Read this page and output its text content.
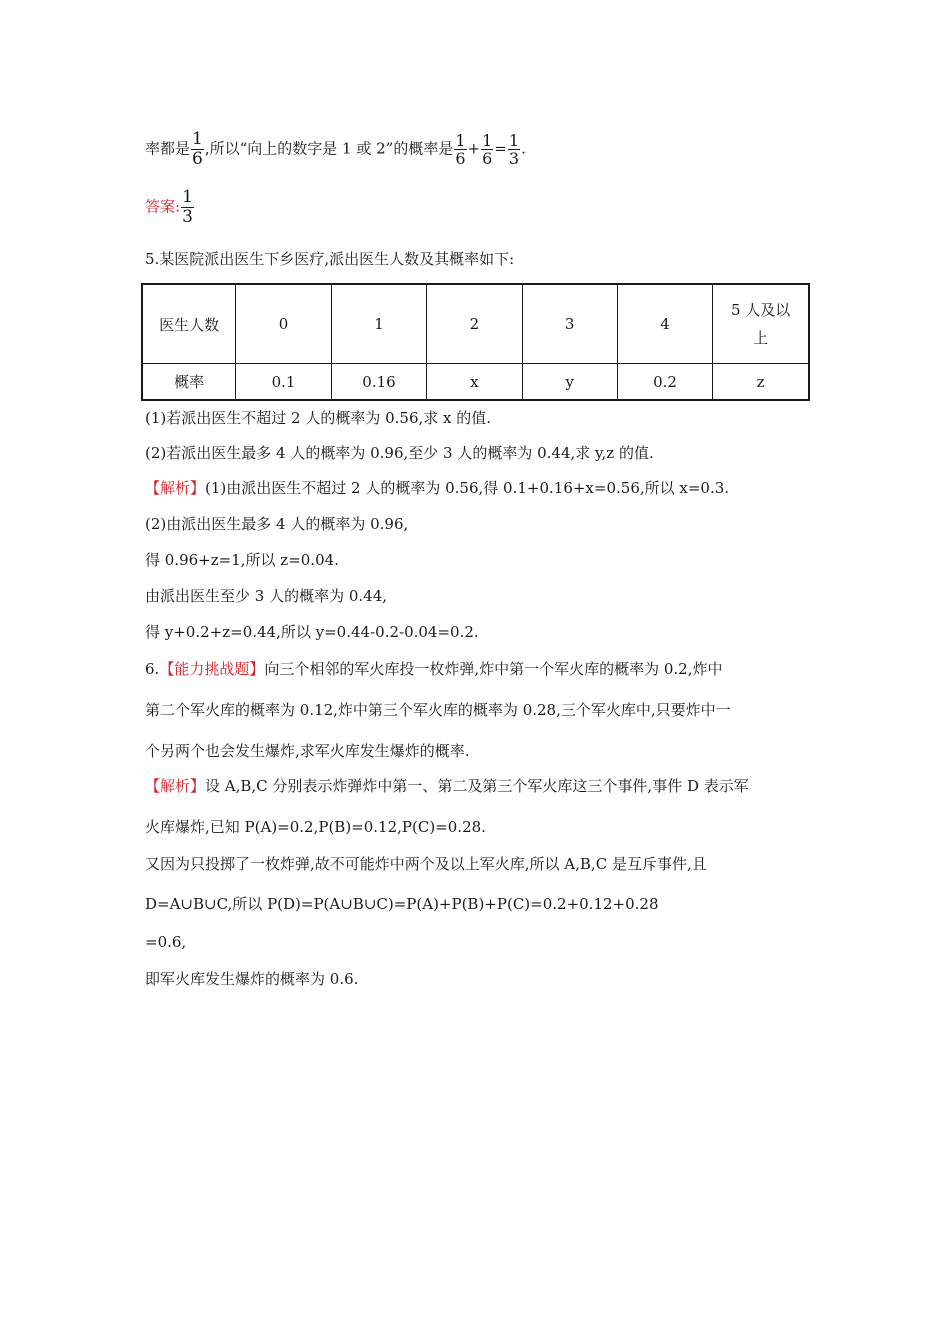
率都是 $\frac{1}{6}$ ,所以“向上的数字是 1 或 2”的概率是 $\frac{1}{6} + \frac{1}{6} = \frac{1}{3}$ .
答案: $\frac{1}{3}$
5.某医院派出医生下乡医疗,派出医生人数及其概率如下:
医生人数	0	1	2	3	4	5 人及以上
概率	0.1	0.16	x	y	0.2	z
(1)若派出医生不超过 2 人的概率为 0.56,求 x 的值.
(2)若派出医生最多 4 人的概率为 0.96,至少 3 人的概率为 0.44,求 y,z 的值.
【解析】(1)由派出医生不超过 2 人的概率为 0.56,得 0.1+0.16+x=0.56,所以 x=0.3.
(2)由派出医生最多 4 人的概率为 0.96,
得 0.96+z=1,所以 z=0.04.
由派出医生至少 3 人的概率为 0.44,
得 y+0.2+z=0.44,所以 y=0.44-0.2-0.04=0.2.
6.【能力挑战题】向三个相邻的军火库投一枚炸弹,炸中第一个军火库的概率为 0.2,炸中
第二个军火库的概率为 0.12,炸中第三个军火库的概率为 0.28,三个军火库中,只要炸中一
个另两个也会发生爆炸,求军火库发生爆炸的概率.
【解析】设 A,B,C 分别表示炸弹炸中第一、第二及第三个军火库这三个事件,事件 D 表示军
火库爆炸,已知 P(A)=0.2,P(B)=0.12,P(C)=0.28.
又因为只投掷了一枚炸弹,故不可能炸中两个及以上军火库,所以 A,B,C 是互斥事件,且
D=A∪B∪C,所以 P(D)=P(A∪B∪C)=P(A)+P(B)+P(C)=0.2+0.12+0.28
=0.6,
即军火库发生爆炸的概率为 0.6.
